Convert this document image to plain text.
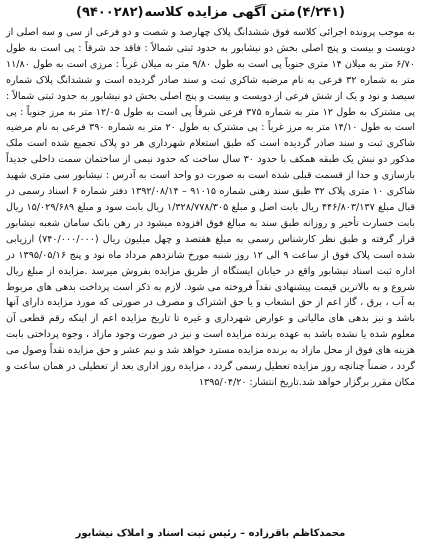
(۴/۲۴۱)
متن آگهی مزایده کلاسه
(۹۴۰۰۲۸۲)

به موجب پرونده اجرائی کلاسه فوق ششدانگ پلاک چهارصد و شصت و دو فرعی از سی و سه اصلی از دویست و بیست و پنج اصلی بخش دو نیشابور به حدود ثبتی شمالاً : فاقد حد شرقاً : پی است به طول ۶/۷۰ متر به میلان ۱۴ متری جنوباً پی است به طول ۹/۸۰ متر به میلان غرباً : مرزی است به طول ۱۱/۸۰ متر به شماره ۳۲ فرعی به نام مرضیه شاکری ثبت و سند صادر گردیده است و ششدانگ پلاک شماره سیصد و نود و یک از شش فرعی از دویست و بیست و پنج اصلی بخش دو نیشابور به حدود ثبتی شمالاً : پی مشترک به طول ۱۲ متر به شماره ۳۷۵ فرعی شرقاً پی است به طول ۱۲/۰۵ متر به مرز جنوباً : پی است به طول ۱۴/۱۰ متر به مرز غرباً : پی مشترک به طول ۲۰ متر به شماره ۳۹۰ فرعی به نام مرضیه شاکری ثبت و سند صادر گردیده است که طبق استعلام شهرداری هر دو پلاک تجمیع شده است ملک مذکور دو نبش یک طبقه همکف با حدود ۳۰ سال ساخت که حدود نیمی از ساختمان سمت داخلی جدیداً بازسازی و حدا از قسمت قبلی شده است به صورت دو واحد است به آدرس : نیشابور سی متری شهید شاکری ۱۰ متری پلاک ۳۲ طبق سند رهنی شماره ۹۱۰۱۵ – ۱۳۹۲/۰۸/۱۴ دفتر شماره ۶ اسناد رسمی در قبال مبلغ ۴۴۶/۸۰۳/۱۳۷ ریال بابت اصل و مبلغ ۱/۳۲۸/۷۷۸/۳۰۵ ریال بابت سود و مبلغ ۱۵/۰۲۹/۶۸۹ ریال بابت خسارت تأخیر و روزانه طبق سند به مبالغ فوق افزوده میشود در رهن بانک سامان شعبه نیشابور قرار گرفته و طبق نظر کارشناس رسمی به مبلغ هفتصد و چهل میلیون ریال (۷۴۰/۰۰۰/۰۰۰) ارزیابی شده است پلاک فوق از ساعت ۹ الی ۱۲ روز شنبه مورخ شانزدهم مرداد ماه نود و پنج ۱۳۹۵/۰۵/۱۶ در اداره ثبت اسناد نیشابور واقع در خیابان ایستگاه از طریق مزایده بفروش میرسد .مزایده از مبلغ ریال شروع و به بالاترین قیمت پیشنهادی نقداً فروخته می شود. لازم به ذکر است پرداخت بدهی های مربوط به آب ، برق ، گاز اعم از حق انشعاب و یا حق اشتراک و مصرف در صورتی که مورد مزایده دارای آنها باشد و نیز بدهی های مالیاتی و عوارض شهرداری و غیره تا تاریخ مزایده اعم از اینکه رقم قطعی آن معلوم شده یا نشده باشد به عهده برنده مزایده است و نیز در صورت وجود مازاد ، وجوه پرداختی بابت هزینه های فوق از محل مازاد به برنده مزایده مسترد خواهد شد و نیم عشر و حق مزایده نقداً وصول می گردد ، ضمناً چنانچه روز مزایده تعطیل رسمی گردد ، مزایده روز اداری بعد از تعطیلی در همان ساعت و مکان مقرر برگزار خواهد شد.تاریخ انتشار: ۱۳۹۵/۰۴/۲۰

محمدکاظم باقرزاده – رئیس ثبت اسناد و املاک نیشابور
